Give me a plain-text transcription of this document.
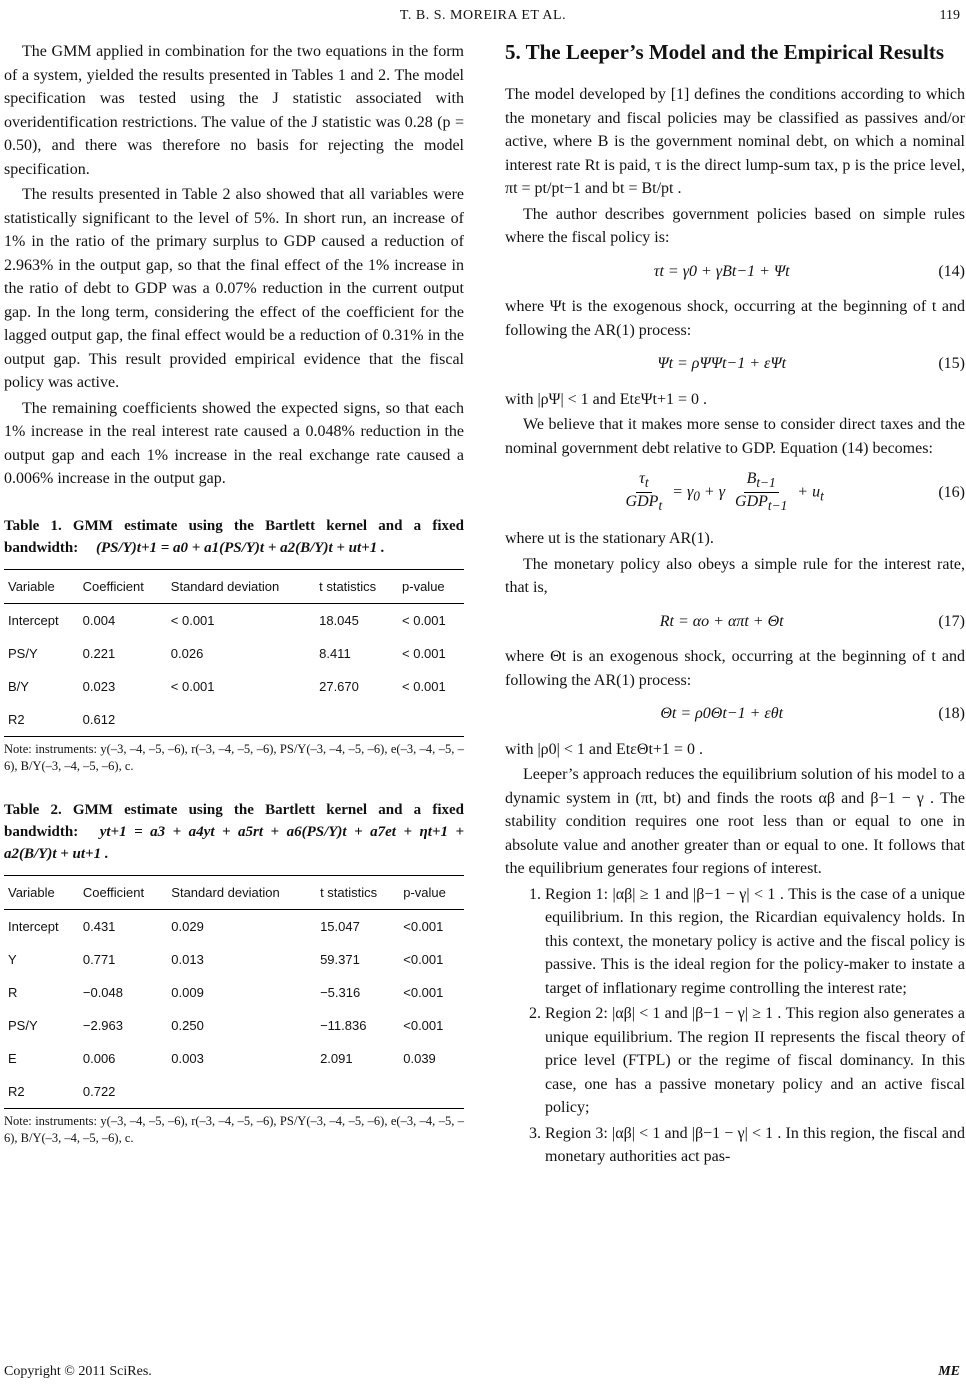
T. B. S. MOREIRA ET AL.	119

The GMM applied in combination for the two equations in the form of a system, yielded the results presented in Tables 1 and 2. The model specification was tested using the J statistic associated with overidentification restrictions. The value of the J statistic was 0.28 (p = 0.50), and there was therefore no basis for rejecting the model specification.

The results presented in Table 2 also showed that all variables were statistically significant to the level of 5%. In short run, an increase of 1% in the ratio of the primary surplus to GDP caused a reduction of 2.963% in the output gap, so that the final effect of the 1% increase in the ratio of debt to GDP was a 0.07% reduction in the current output gap. In the long term, considering the effect of the coefficient for the lagged output gap, the final effect would be a reduction of 0.31% in the output gap. This result provided empirical evidence that the fiscal policy was active.

The remaining coefficients showed the expected signs, so that each 1% increase in the real interest rate caused a 0.048% reduction in the output gap and each 1% increase in the real exchange rate caused a 0.006% increase in the output gap.

Table 1. GMM estimate using the Bartlett kernel and a fixed bandwidth: (PS/Y)t+1 = a0 + a1(PS/Y)t + a2(B/Y)t + ut+1 .
Variable	Coefficient	Standard deviation	t statistics	p-value
Intercept	0.004	< 0.001	18.045	< 0.001
PS/Y	0.221	0.026	8.411	< 0.001
B/Y	0.023	< 0.001	27.670	< 0.001
R2	0.612			
Note: instruments: y(–3, –4, –5, –6), r(–3, –4, –5, –6), PS/Y(–3, –4, –5, –6), e(–3, –4, –5, –6), B/Y(–3, –4, –5, –6), c.
Table 2. GMM estimate using the Bartlett kernel and a fixed bandwidth: yt+1 = a3 + a4yt + a5rt + a6(PS/Y)t + a7et + ηt+1 + a2(B/Y)t + ut+1 .
Variable	Coefficient	Standard deviation	t statistics	p-value
Intercept	0.431	0.029	15.047	<0.001
Y	0.771	0.013	59.371	<0.001
R	−0.048	0.009	−5.316	<0.001
PS/Y	−2.963	0.250	−11.836	<0.001
E	0.006	0.003	2.091	0.039
R2	0.722			
Note: instruments: y(–3, –4, –5, –6), r(–3, –4, –5, –6), PS/Y(–3, –4, –5, –6), e(–3, –4, –5, –6), B/Y(–3, –4, –5, –6), c.
5. The Leeper’s Model and the Empirical Results

The model developed by [1] defines the conditions according to which the monetary and fiscal policies may be classified as passives and/or active, where B is the government nominal debt, on which a nominal interest rate Rt is paid, τ is the direct lump-sum tax, p is the price level, πt = pt/pt−1 and bt = Bt/pt .

The author describes government policies based on simple rules where the fiscal policy is:

τt = γ0 + γBt−1 + Ψt	(14)

where Ψt is the exogenous shock, occurring at the beginning of t and following the AR(1) process:

Ψt = ρΨΨt−1 + εΨt	(15)

with |ρΨ| < 1 and EtεΨt+1 = 0 .

We believe that it makes more sense to consider direct taxes and the nominal government debt relative to GDP. Equation (14) becomes:

$\frac{\tau_t}{GDP_t} = \gamma_0 + \gamma \frac{B_{t-1}}{GDP_{t-1}} + u_t$	(16)

where ut is the stationary AR(1).

The monetary policy also obeys a simple rule for the interest rate, that is,

Rt = αo + απt + Θt	(17)

where Θt is an exogenous shock, occurring at the beginning of t and following the AR(1) process:

Θt = ρ0Θt−1 + εθt	(18)

with |ρ0| < 1 and EtεΘt+1 = 0 .

Leeper’s approach reduces the equilibrium solution of his model to a dynamic system in (πt, bt) and finds the roots αβ and β−1 − γ . The stability condition requires one root less than or equal to one in absolute value and another greater than or equal to one. It follows that the equilibrium generates four regions of interest.

1. Region 1: |αβ| ≥ 1 and |β−1 − γ| < 1 . This is the case of a unique equilibrium. In this region, the Ricardian equivalency holds. In this context, the monetary policy is active and the fiscal policy is passive. This is the ideal region for the policy-maker to instate a target of inflationary regime controlling the interest rate;
2. Region 2: |αβ| < 1 and |β−1 − γ| ≥ 1 . This region also generates a unique equilibrium. The region II represents the fiscal theory of price level (FTPL) or the regime of fiscal dominancy. In this case, one has a passive monetary policy and an active fiscal policy;
3. Region 3: |αβ| < 1 and |β−1 − γ| < 1 . In this region, the fiscal and monetary authorities act pas-
Copyright © 2011 SciRes.	ME
